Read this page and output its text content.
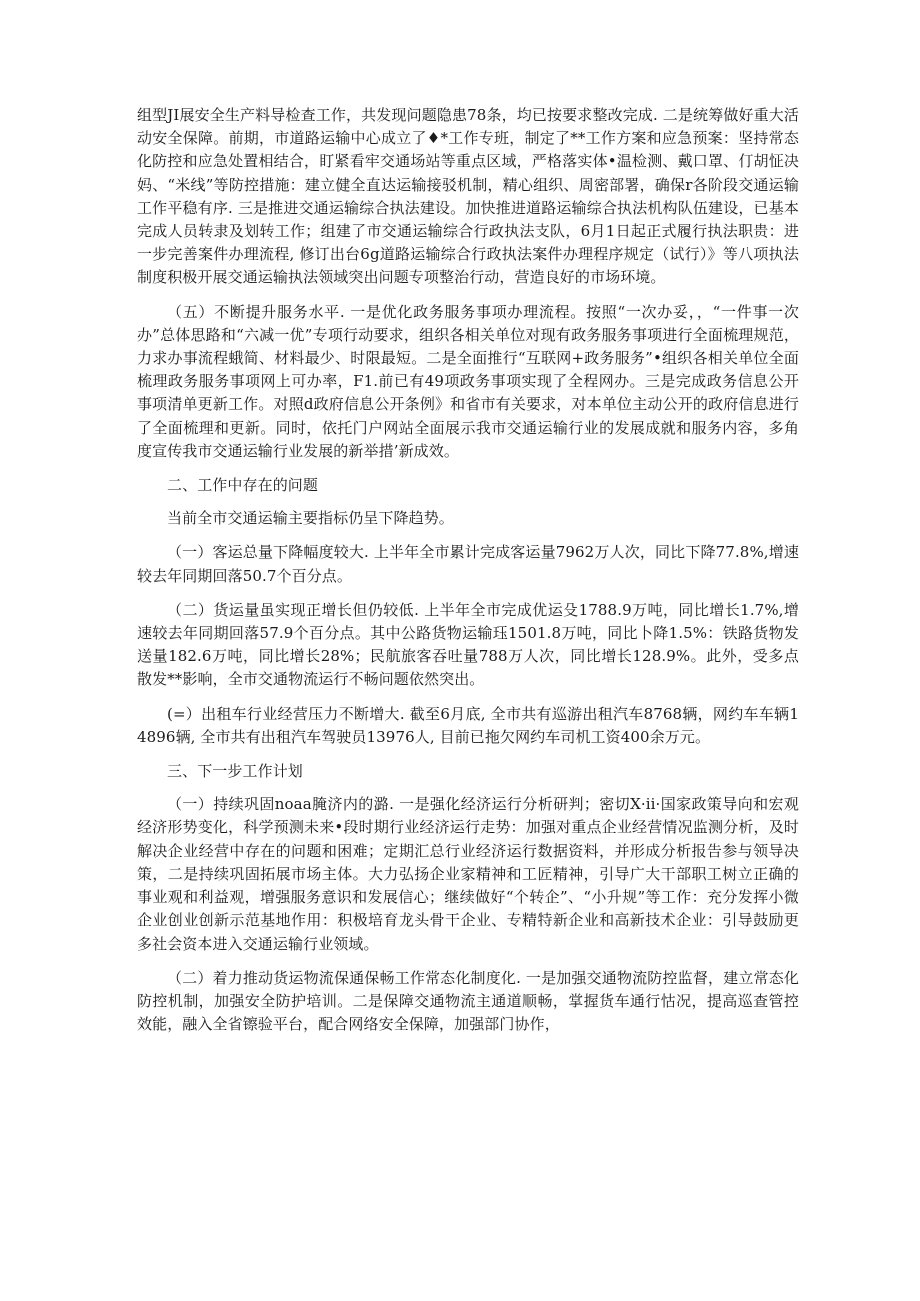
组型JI展安全生产料导检查工作，共发现问题隐患78条，均已按要求整改完成. 二是统筹做好重大活动安全保障。前期，市道路运输中心成立了♦*工作专班，制定了**工作方案和应急预案：坚持常态化防控和应急处置相结合，盯紧看牢交通场站等重点区域，严格落实体•温检测、戴口罩、仃胡怔决妈、“米线”等防控措施：建立健全直达运输接驳机制，精心组织、周密部署，确保r各阶段交通运输工作平稳有序. 三是推进交通运输综合执法建设。加快推进道路运输综合执法机构队伍建设，已基本完成人员转隶及划转工作；组建了市交通运输综合行政执法支队，6月1日起正式履行执法职贵：进一步完善案件办理流程, 修订出台6g道路运输综合行政执法案件办理程序规定（试行）》等八项执法制度积极开展交通运输执法领域突出问题专项整治行动，营造良好的市场环境。

（五）不断提升服务水平. 一是优化政务服务事项办理流程。按照“一次办妥，，“一件事一次办”总体思路和“六减一优”专项行动要求，组织各相关单位对现有政务服务事项进行全面梳理规范，力求办事流程蛾简、材料最少、时限最短。二是全面推行“互联网+政务服务”•组织各相关单位全面梳理政务服务事项网上可办率，F1.前已有49项政务事项实现了全程网办。三是完成政务信息公开事项清单更新工作。对照d政府信息公开条例》和省市有关要求，对本单位主动公开的政府信息进行了全面梳理和更新。同时，依托门户网站全面展示我市交通运输行业的发展成就和服务内容，多角度宣传我市交通运输行业发展的新举措’新成效。

二、工作中存在的问题

当前全市交通运输主要指标仍呈下降趋势。

（一）客运总量下降幅度较大. 上半年全市累计完成客运量7962万人次，同比下降77.8%,增速较去年同期回落50.7个百分点。

（二）货运量虽实现正增长但仍较低. 上半年全市完成优运殳1788.9万吨，同比增长1.7%,增速较去年同期回落57.9个百分点。其中公路货物运输珏1501.8万吨，同比卜降1.5%：铁路货物发送量182.6万吨，同比增长28%；民航旅客吞吐量788万人次，同比增长128.9%。此外，受多点散发**影响，全市交通物流运行不畅问题依然突出。

(=）出租车行业经营压力不断增大. 截至6月底, 全市共有巡游出租汽车8768辆，网约车车辆14896辆, 全市共有出租汽车驾驶员13976人, 目前已拖欠网约车司机工资400余万元。

三、下一步工作计划

（一）持续巩固noaa腌济内的潞. 一是强化经济运行分析研判；密切X·ii·国家政策导向和宏观经济形势变化，科学预测未来•段时期行业经济运行走势：加强对重点企业经营情况监测分析，及时解决企业经营中存在的问题和困难；定期汇总行业经济运行数据资料，并形成分析报告参与领导决策，二是持续巩固拓展市场主体。大力弘扬企业家精神和工匠精神，引导广大干部职工树立正确的事业观和利益观，增强服务意识和发展信心；继续做好“个转企”、“小升规”等工作：充分发挥小微企业创业创新示范基地作用：积极培育龙头骨干企业、专精特新企业和高新技术企业：引导鼓励更多社会资本进入交通运输行业领域。

（二）着力推动货运物流保通保畅工作常态化制度化. 一是加强交通物流防控监督，建立常态化防控机制，加强安全防护培训。二是保障交通物流主通道顺畅，掌握货车通行怙况，提高巡查管控效能，融入全省镲验平台，配合网络安全保障，加强部门协作，
